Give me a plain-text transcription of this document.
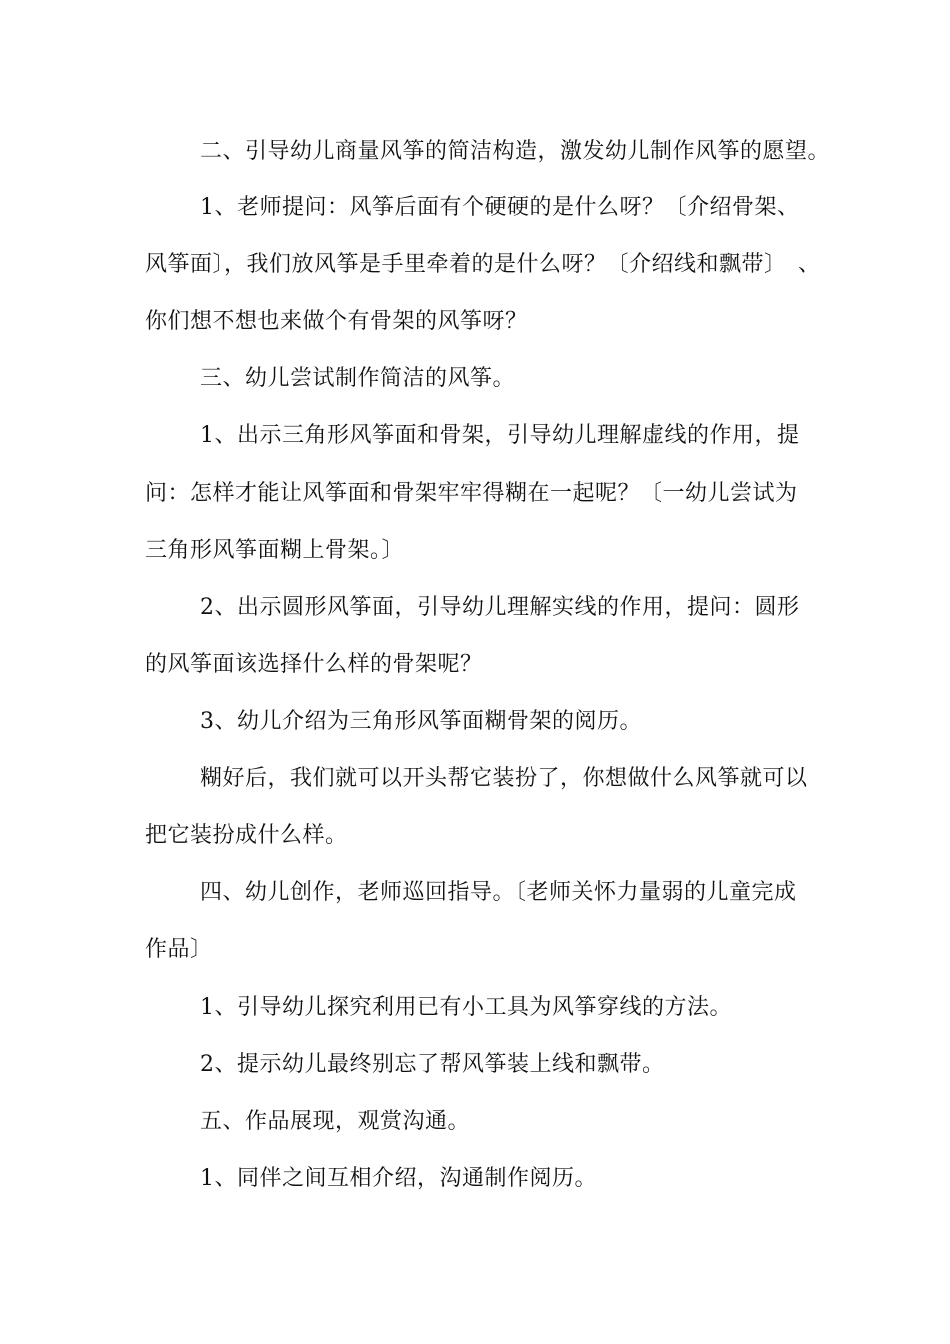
二、引导幼儿商量风筝的简洁构造，激发幼儿制作风筝的愿望。
1、老师提问：风筝后面有个硬硬的是什么呀？〔介绍骨架、
风筝面〕，我们放风筝是手里牵着的是什么呀？〔介绍线和飘带〕　、
你们想不想也来做个有骨架的风筝呀？
三、幼儿尝试制作简洁的风筝。
1、出示三角形风筝面和骨架，引导幼儿理解虚线的作用，提
问：怎样才能让风筝面和骨架牢牢得糊在一起呢？〔一幼儿尝试为
三角形风筝面糊上骨架。〕
2、出示圆形风筝面，引导幼儿理解实线的作用，提问：圆形
的风筝面该选择什么样的骨架呢？
3、幼儿介绍为三角形风筝面糊骨架的阅历。
糊好后，我们就可以开头帮它装扮了，你想做什么风筝就可以
把它装扮成什么样。
四、幼儿创作，老师巡回指导。〔老师关怀力量弱的儿童完成
作品〕
1、引导幼儿探究利用已有小工具为风筝穿线的方法。
2、提示幼儿最终别忘了帮风筝装上线和飘带。
五、作品展现，观赏沟通。
1、同伴之间互相介绍，沟通制作阅历。
